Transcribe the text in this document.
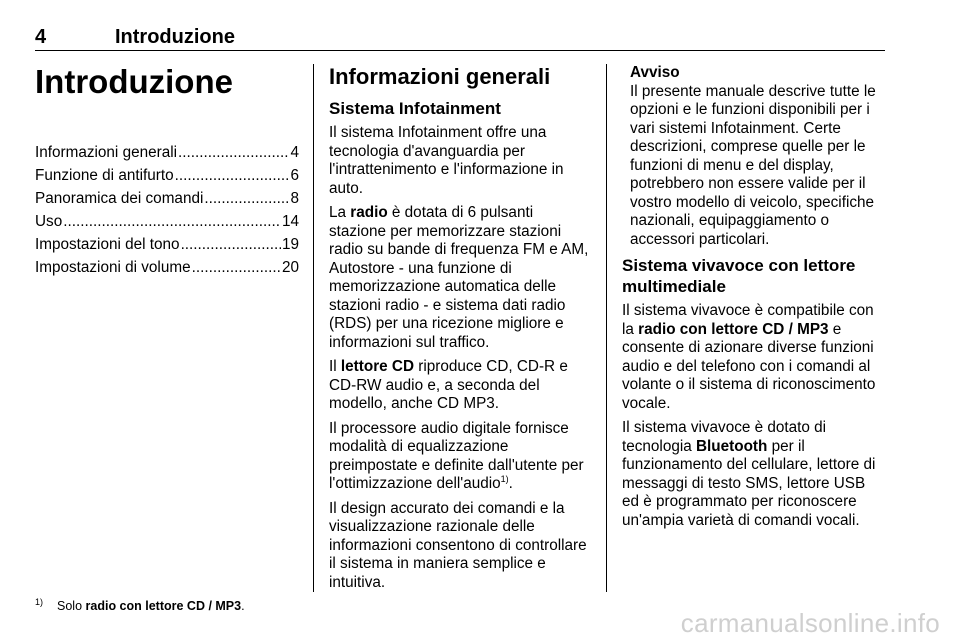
4	Introduzione
Introduzione
Informazioni generali .....	4
Funzione di antifurto .....	6
Panoramica dei comandi .....	8
Uso .....	14
Impostazioni del tono .....	19
Impostazioni di volume .....	20
Informazioni generali
Sistema Infotainment

Il sistema Infotainment offre una tecnologia d'avanguardia per l'intrattenimento e l'informazione in auto.

La radio è dotata di 6 pulsanti stazione per memorizzare stazioni radio su bande di frequenza FM e AM, Autostore - una funzione di memorizzazione automatica delle stazioni radio - e sistema dati radio (RDS) per una ricezione migliore e informazioni sul traffico.

Il lettore CD riproduce CD, CD-R e CD-RW audio e, a seconda del modello, anche CD MP3.

Il processore audio digitale fornisce modalità di equalizzazione preimpostate e definite dall'utente per l'ottimizzazione dell'audio$^{1)}$.

Il design accurato dei comandi e la visualizzazione razionale delle informazioni consentono di controllare il sistema in maniera semplice e intuitiva.

Avviso
Il presente manuale descrive tutte le opzioni e le funzioni disponibili per i vari sistemi Infotainment. Certe descrizioni, comprese quelle per le funzioni di menu e del display, potrebbero non essere valide per il vostro modello di veicolo, specifiche nazionali, equipaggiamento o accessori particolari.
Sistema vivavoce con lettore multimediale

Il sistema vivavoce è compatibile con la radio con lettore CD / MP3 e consente di azionare diverse funzioni audio e del telefono con i comandi al volante o il sistema di riconoscimento vocale.

Il sistema vivavoce è dotato di tecnologia Bluetooth per il funzionamento del cellulare, lettore di messaggi di testo SMS, lettore USB ed è programmato per riconoscere un'ampia varietà di comandi vocali.

$^{1)}$ Solo radio con lettore CD / MP3.
carmanualsonline.info
